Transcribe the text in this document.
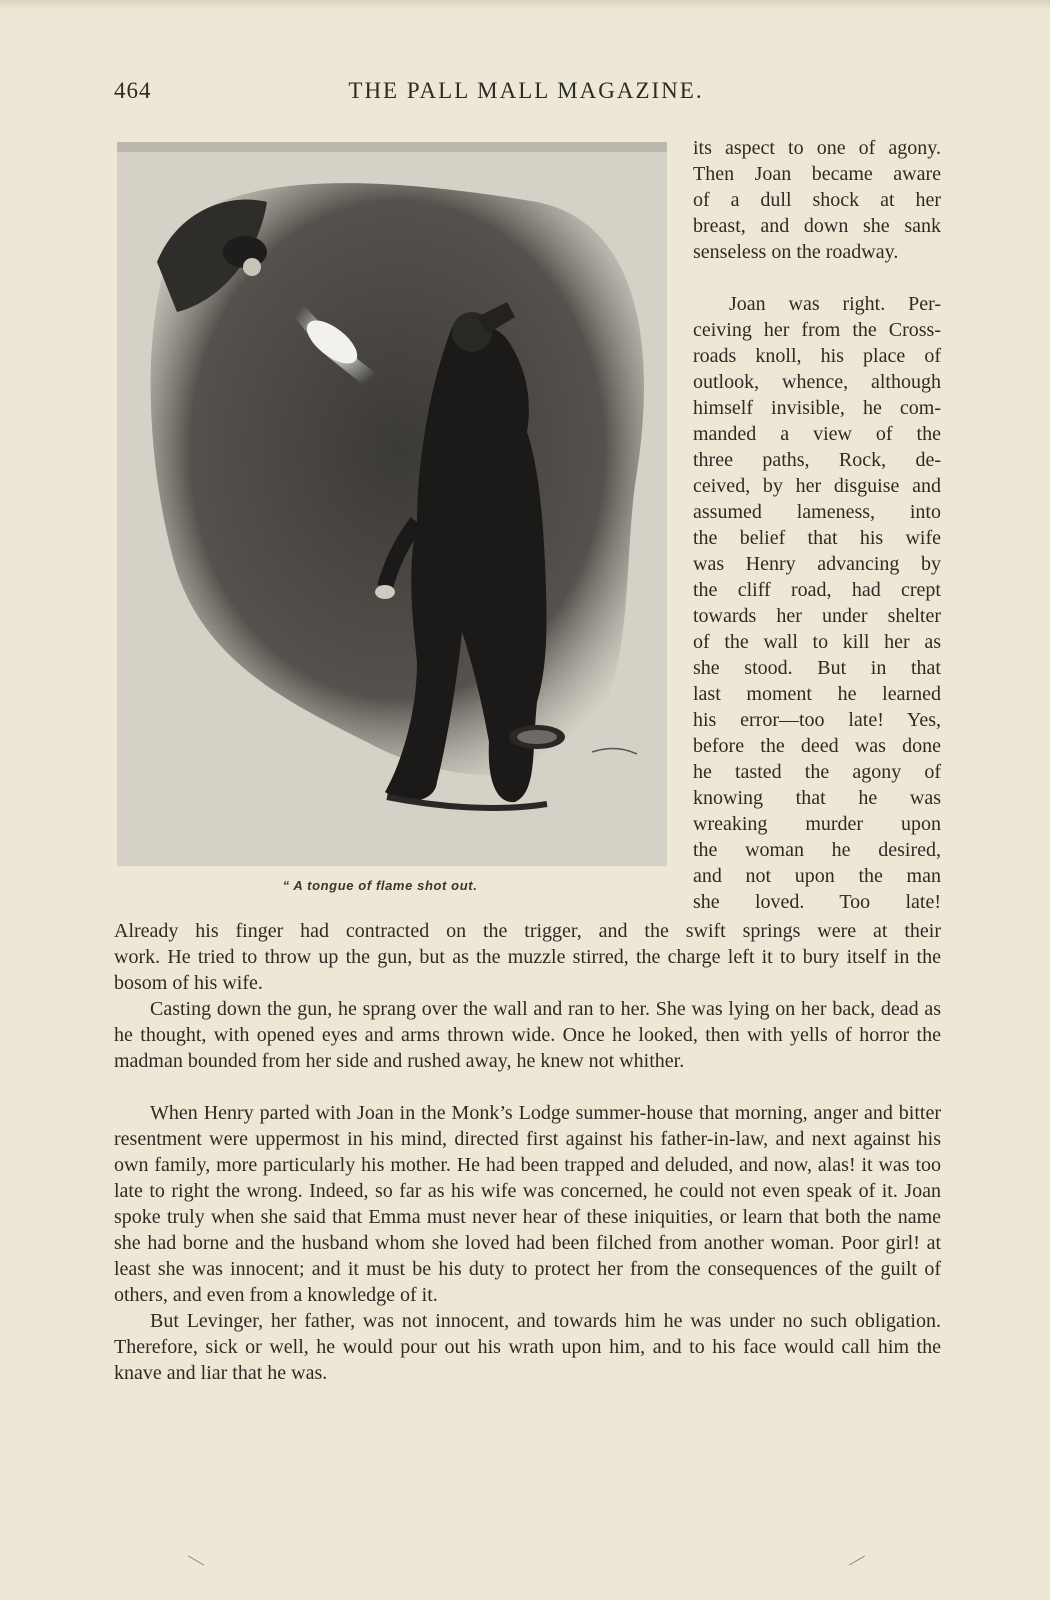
464	THE PALL MALL MAGAZINE.
“ A tongue of flame shot out.

its aspect to one of agony.

Then Joan became aware

of a dull shock at her

breast, and down she sank

senseless on the roadway.

Joan was right. Per-

ceiving her from the Cross-

roads knoll, his place of

outlook, whence, although

himself invisible, he com-

manded a view of the

three paths, Rock, de-

ceived, by her disguise and

assumed lameness, into

the belief that his wife

was Henry advancing by

the cliff road, had crept

towards her under shelter

of the wall to kill her as

she stood. But in that

last moment he learned

his error—too late! Yes,

before the deed was done

he tasted the agony of

knowing that he was

wreaking murder upon

the woman he desired,

and not upon the man

she loved. Too late!

Already his finger had contracted on the trigger, and the swift springs were at their

work. He tried to throw up the gun, but as the muzzle stirred, the charge left it to bury itself in the bosom of his wife.

Casting down the gun, he sprang over the wall and ran to her. She was lying on her back, dead as he thought, with opened eyes and arms thrown wide. Once he looked, then with yells of horror the madman bounded from her side and rushed away, he knew not whither.

When Henry parted with Joan in the Monk’s Lodge summer-house that morning, anger and bitter resentment were uppermost in his mind, directed first against his father-in-law, and next against his own family, more particularly his mother. He had been trapped and deluded, and now, alas! it was too late to right the wrong. Indeed, so far as his wife was concerned, he could not even speak of it. Joan spoke truly when she said that Emma must never hear of these iniquities, or learn that both the name she had borne and the husband whom she loved had been filched from another woman. Poor girl! at least she was innocent; and it must be his duty to protect her from the consequences of the guilt of others, and even from a knowledge of it.

But Levinger, her father, was not innocent, and towards him he was under no such obligation. Therefore, sick or well, he would pour out his wrath upon him, and to his face would call him the knave and liar that he was.
